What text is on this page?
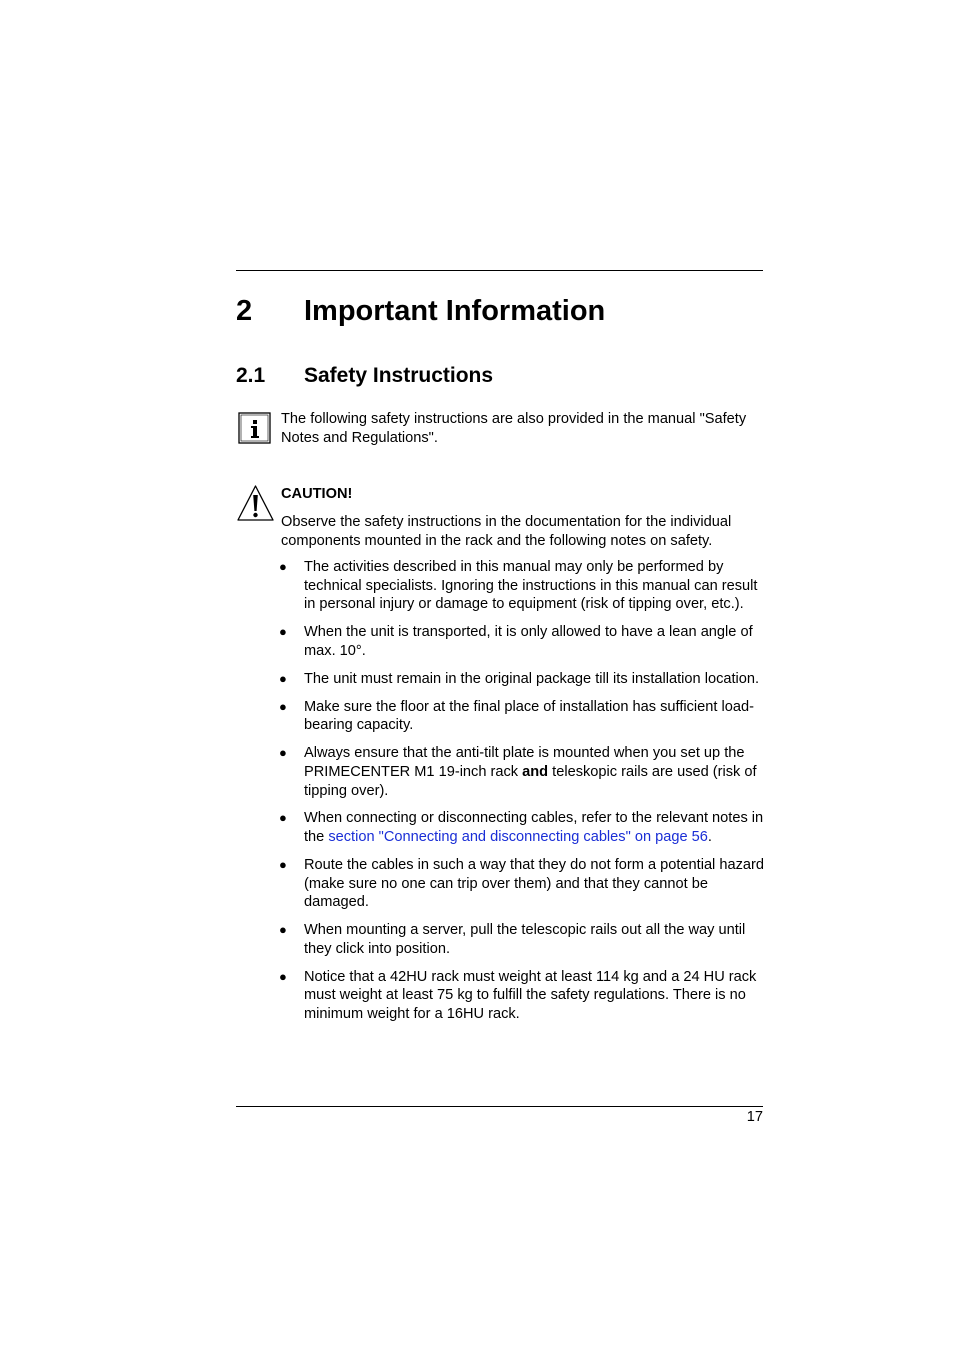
2 Important Information
2.1 Safety Instructions
The following safety instructions are also provided in the manual "Safety Notes and Regulations".
CAUTION!
Observe the safety instructions in the documentation for the individual components mounted in the rack and the following notes on safety.
● The activities described in this manual may only be performed by technical specialists. Ignoring the instructions in this manual can result in personal injury or damage to equipment (risk of tipping over, etc.).
● When the unit is transported, it is only allowed to have a lean angle of max. 10°.
● The unit must remain in the original package till its installation location.
● Make sure the floor at the final place of installation has sufficient load-bearing capacity.
● Always ensure that the anti-tilt plate is mounted when you set up the PRIMECENTER M1 19-inch rack and teleskopic rails are used (risk of tipping over).
● When connecting or disconnecting cables, refer to the relevant notes in the section "Connecting and disconnecting cables" on page 56.
● Route the cables in such a way that they do not form a potential hazard (make sure no one can trip over them) and that they cannot be damaged.
● When mounting a server, pull the telescopic rails out all the way until they click into position.
● Notice that a 42HU rack must weight at least 114 kg and a 24 HU rack must weight at least 75 kg to fulfill the safety regulations. There is no minimum weight for a 16HU rack.
17
